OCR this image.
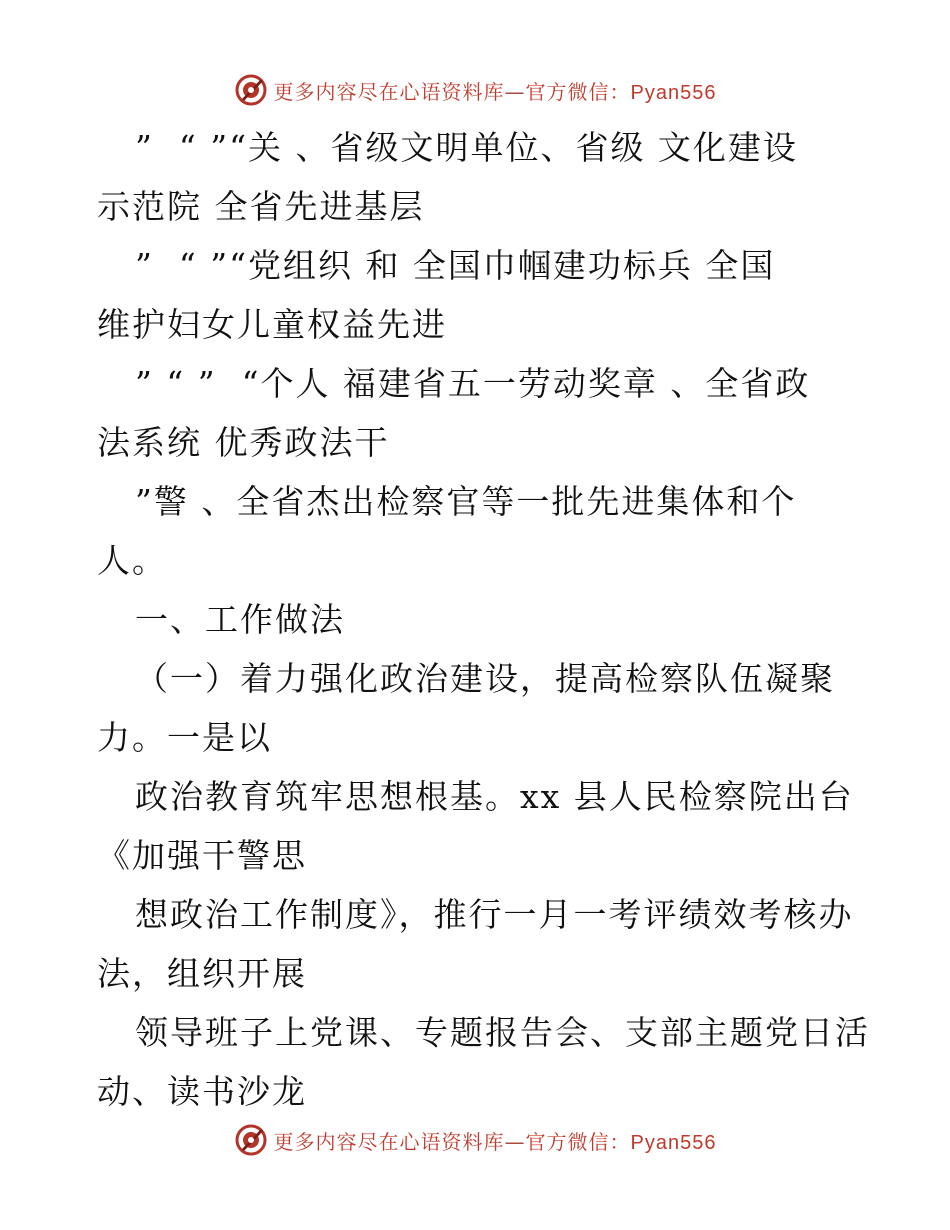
更多内容尽在心语资料库—官方微信：Pyan556
”  “ ”“关 、省级文明单位、省级 文化建设
示范院 全省先进基层
”  “ ”“党组织 和 全国巾帼建功标兵 全国
维护妇女儿童权益先进
” “ ”  “个人 福建省五一劳动奖章 、全省政
法系统 优秀政法干
”警 、全省杰出检察官等一批先进集体和个
人。
一、工作做法
（一）着力强化政治建设，提高检察队伍凝聚
力。一是以
政治教育筑牢思想根基。xx 县人民检察院出台
《加强干警思
想政治工作制度》，推行一月一考评绩效考核办
法，组织开展
领导班子上党课、专题报告会、支部主题党日活
动、读书沙龙
更多内容尽在心语资料库—官方微信：Pyan556
